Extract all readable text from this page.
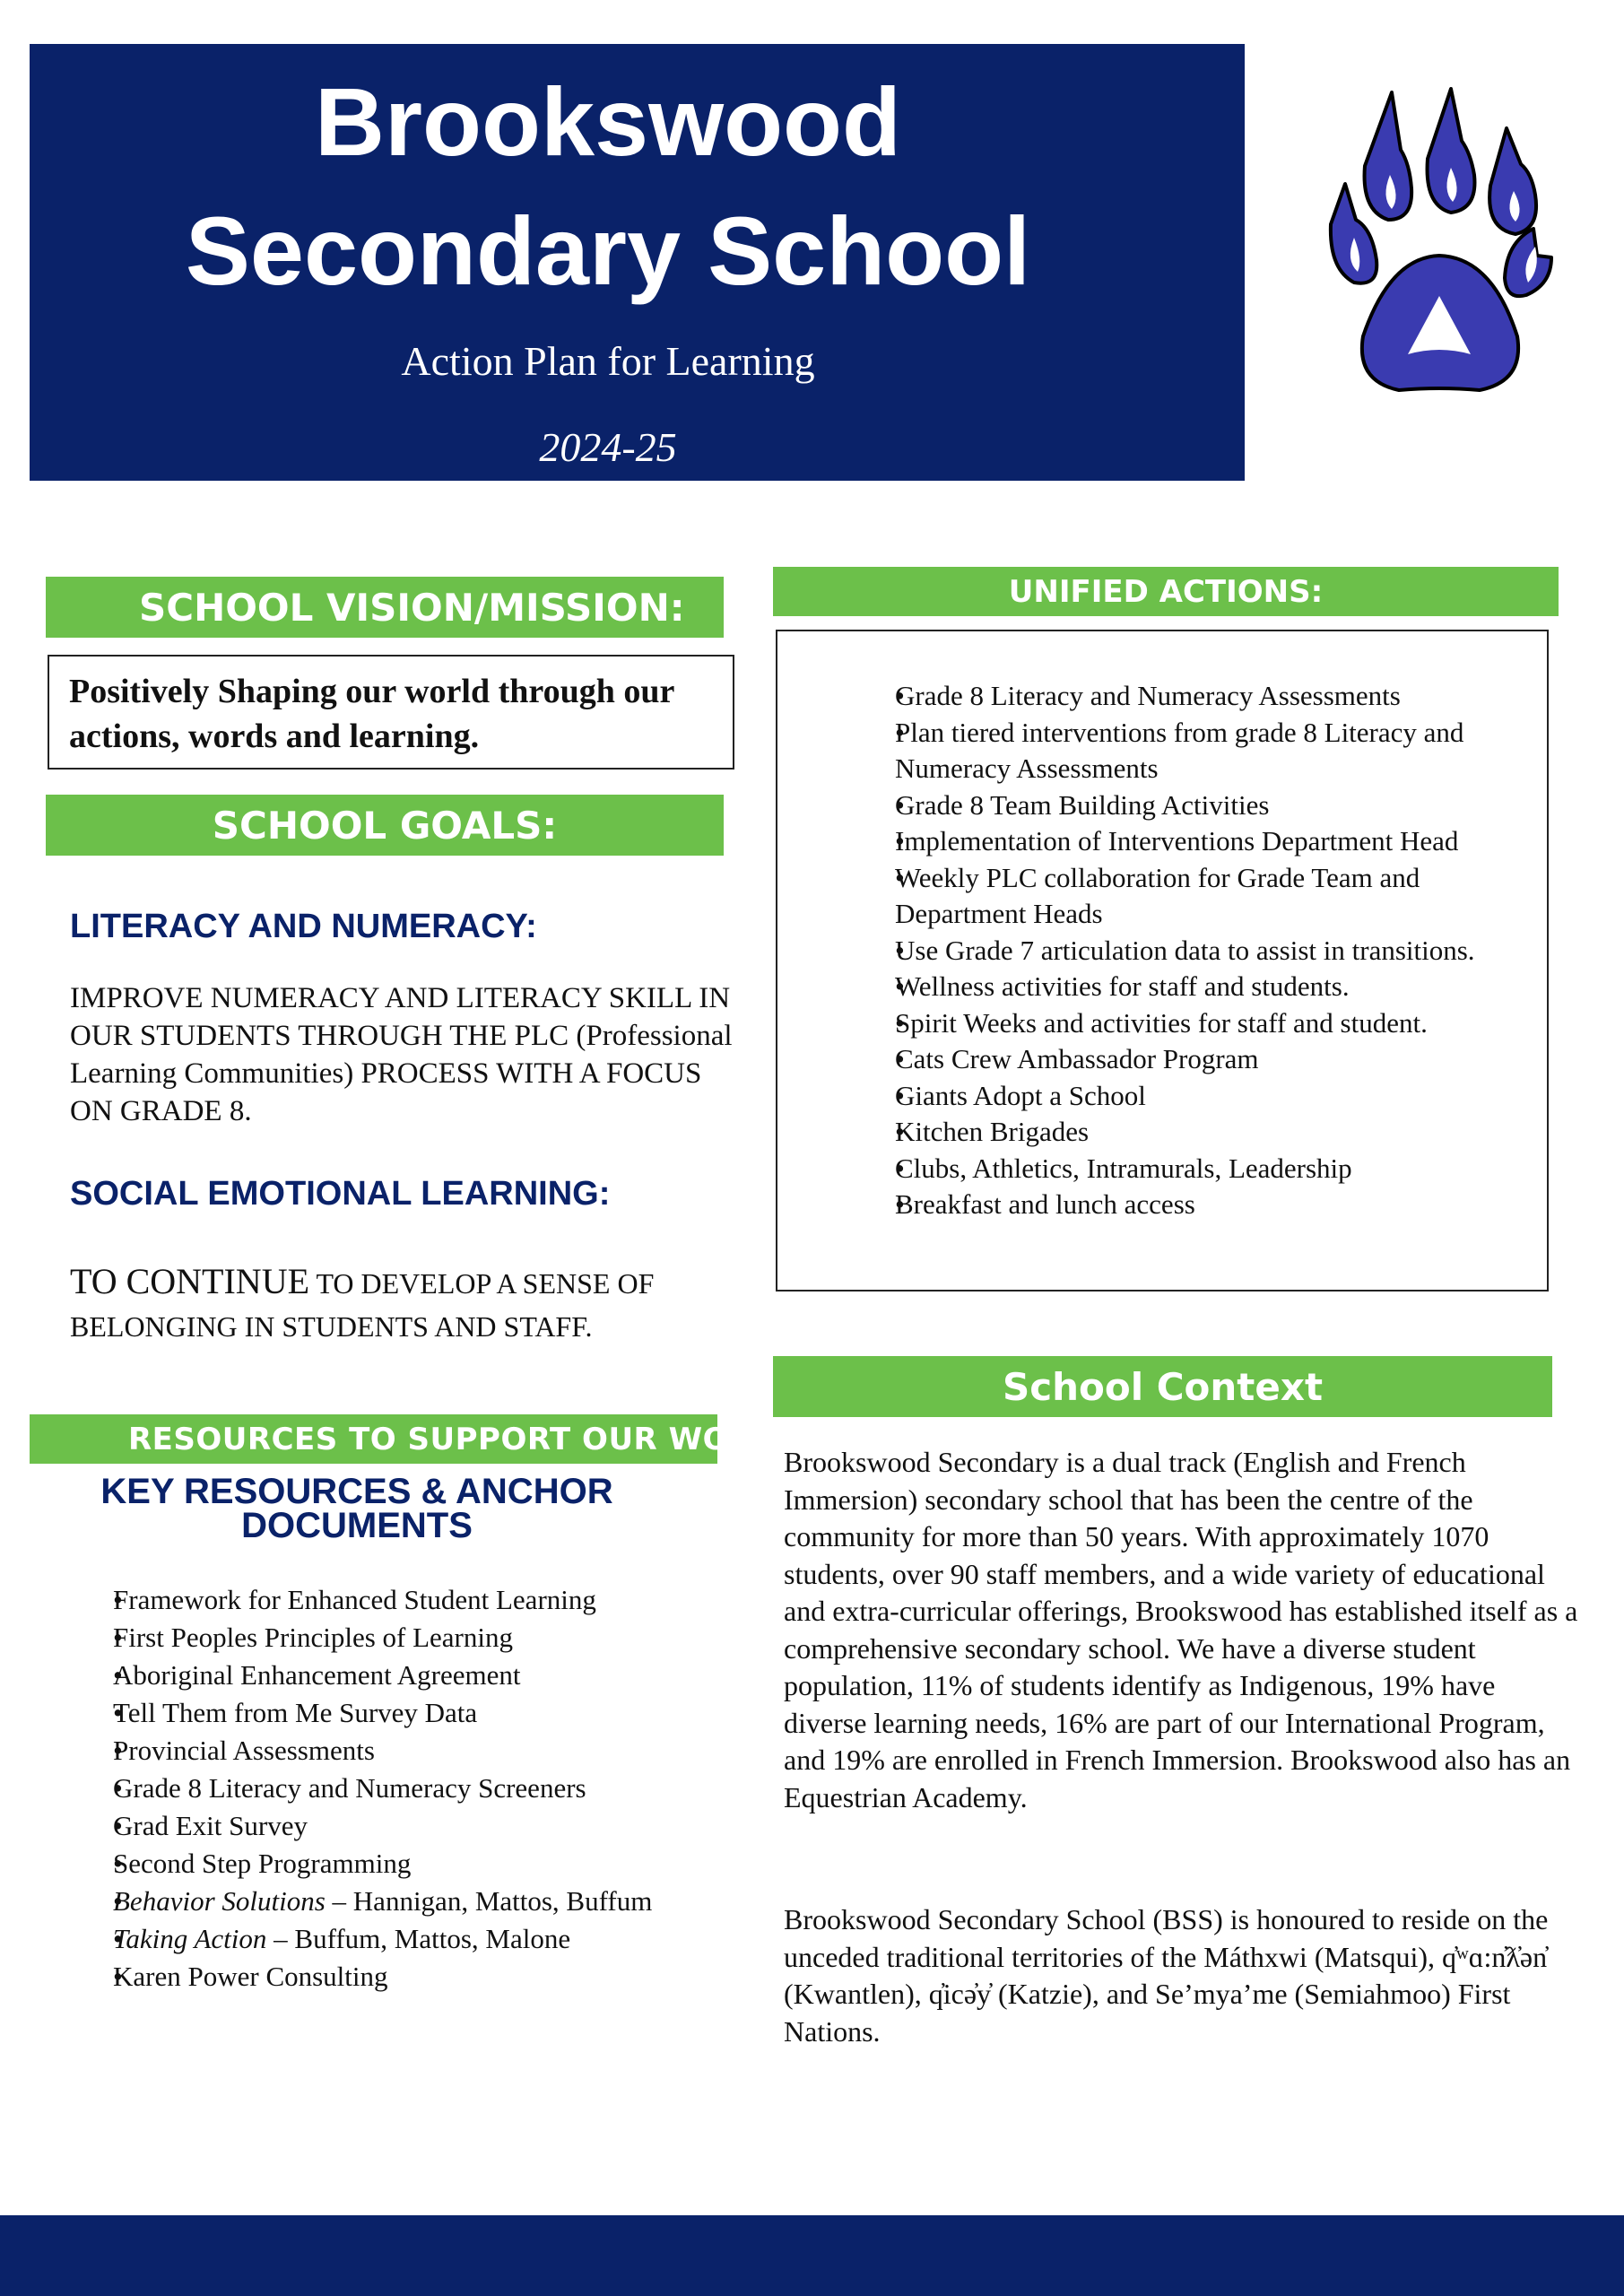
Brookswood
Secondary School
Action Plan for Learning
2024-25
SCHOOL VISION/MISSION:
Positively Shaping our world through our actions, words and learning.
SCHOOL GOALS:
LITERACY AND NUMERACY:
IMPROVE NUMERACY AND LITERACY SKILL IN OUR STUDENTS THROUGH THE PLC (Professional Learning Communities) PROCESS WITH A FOCUS ON GRADE 8.
SOCIAL EMOTIONAL LEARNING:
TO CONTINUE TO DEVELOP A SENSE OF BELONGING IN STUDENTS AND STAFF.
RESOURCES TO SUPPORT OUR WORK:
KEY RESOURCES & ANCHOR DOCUMENTS
• Framework for Enhanced Student Learning
• First Peoples Principles of Learning
• Aboriginal Enhancement Agreement
• Tell Them from Me Survey Data
• Provincial Assessments
• Grade 8 Literacy and Numeracy Screeners
• Grad Exit Survey
• Second Step Programming
• Behavior Solutions – Hannigan, Mattos, Buffum
• Taking Action – Buffum, Mattos, Malone
• Karen Power Consulting
UNIFIED ACTIONS:
• Grade 8 Literacy and Numeracy Assessments
• Plan tiered interventions from grade 8 Literacy and Numeracy Assessments
• Grade 8 Team Building Activities
• Implementation of Interventions Department Head
• Weekly PLC collaboration for Grade Team and Department Heads
• Use Grade 7 articulation data to assist in transitions.
• Wellness activities for staff and students.
• Spirit Weeks and activities for staff and student.
• Cats Crew Ambassador Program
• Giants Adopt a School
• Kitchen Brigades
• Clubs, Athletics, Intramurals, Leadership
• Breakfast and lunch access
School Context
Brookswood Secondary is a dual track (English and French Immersion) secondary school that has been the centre of the community for more than 50 years. With approximately 1070 students, over 90 staff members, and a wide variety of educational and extra-curricular offerings, Brookswood has established itself as a comprehensive secondary school. We have a diverse student population, 11% of students identify as Indigenous, 19% have diverse learning needs, 16% are part of our International Program, and 19% are enrolled in French Immersion. Brookswood also has an Equestrian Academy.
Brookswood Secondary School (BSS) is honoured to reside on the unceded traditional territories of the Máthxwi (Matsqui), q̓ʷɑ:n̓ƛ̓ən̓ (Kwantlen), q̓icə̓y̓ (Katzie), and Se’mya’me (Semiahmoo) First Nations.
